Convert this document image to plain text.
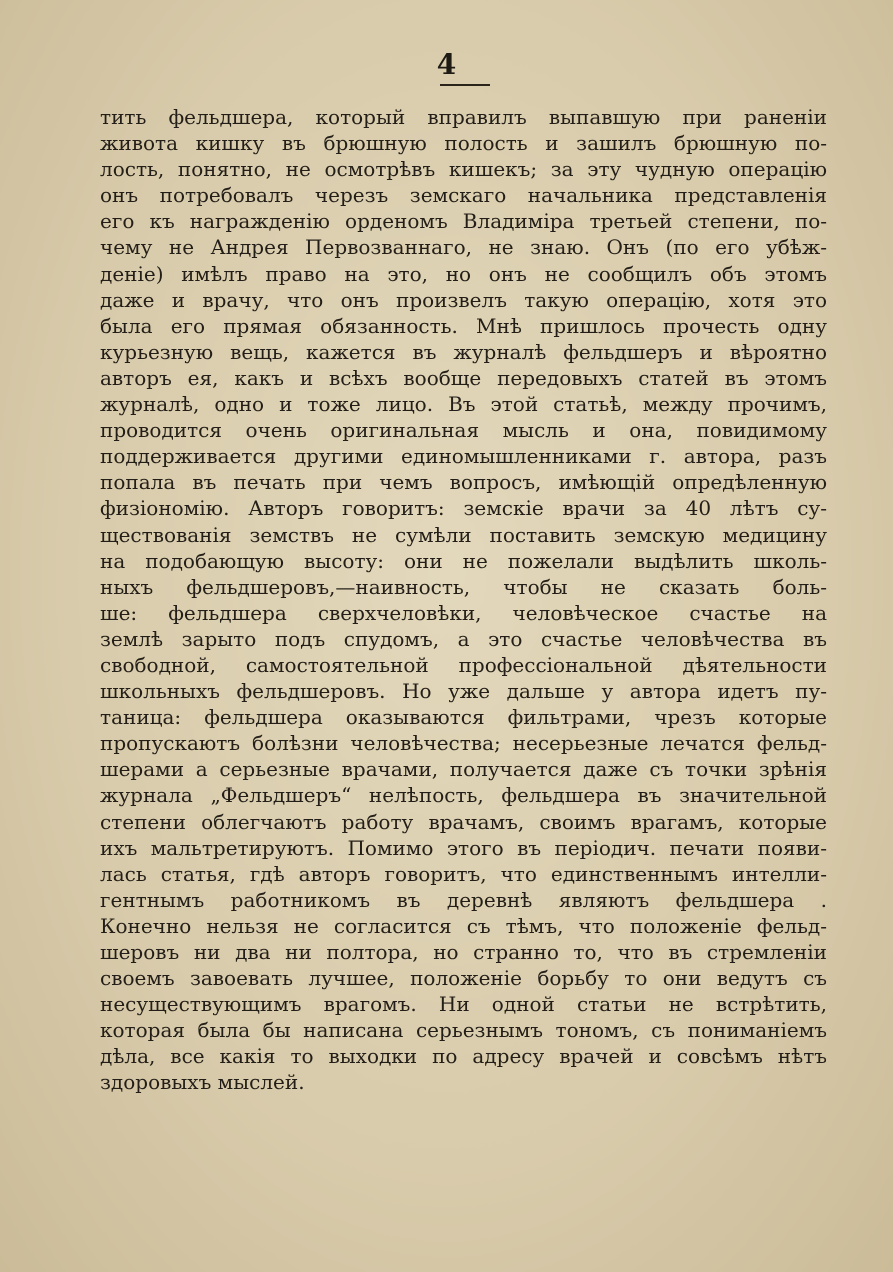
4
тить фельдшера, который вправилъ выпавшую при раненіи
живота кишку въ брюшную полость и зашилъ брюшную по-
лость, понятно, не осмотрѣвъ кишекъ; за эту чудную операцію
онъ потребовалъ черезъ земскаго начальника представленія
его къ награжденію орденомъ Владиміра третьей степени, по-
чему не Андрея Первозваннаго, не знаю. Онъ (по его убѣж-
деніе) имѣлъ право на это, но онъ не сообщилъ объ этомъ
даже и врачу, что онъ произвелъ такую операцію, хотя это
была его прямая обязанность. Мнѣ пришлось прочесть одну
курьезную вещь, кажется въ журналѣ фельдшеръ и вѣроятно
авторъ ея, какъ и всѣхъ вообще передовыхъ статей въ этомъ
журналѣ, одно и тоже лицо. Въ этой статьѣ, между прочимъ,
проводится очень оригинальная мысль и она, повидимому
поддерживается другими единомышленниками г. автора, разъ
попала въ печать при чемъ вопросъ, имѣющій опредѣленную
физіономію. Авторъ говоритъ: земскіе врачи за 40 лѣтъ су-
ществованія земствъ не сумѣли поставить земскую медицину
на подобающую высоту: они не пожелали выдѣлить школь-
ныхъ фельдшеровъ,—наивность, чтобы не сказать боль-
ше: фельдшера сверхчеловѣки, человѣческое счастье на
землѣ зарыто подъ спудомъ, а это счастье человѣчества въ
свободной, самостоятельной профессіональной дѣятельности
школьныхъ фельдшеровъ. Но уже дальше у автора идетъ пу-
таница: фельдшера оказываются фильтрами, чрезъ которые
пропускаютъ болѣзни человѣчества; несерьезные лечатся фельд-
шерами а серьезные врачами, получается даже съ точки зрѣнія
журнала „Фельдшеръ“ нелѣпость, фельдшера въ значительной
степени облегчаютъ работу врачамъ, своимъ врагамъ, которые
ихъ мальтретируютъ. Помимо этого въ періодич. печати появи-
лась статья, гдѣ авторъ говоритъ, что единственнымъ интелли-
гентнымъ работникомъ въ деревнѣ являютъ фельдшера .
Конечно нельзя не согласится съ тѣмъ, что положеніе фельд-
шеровъ ни два ни полтора, но странно то, что въ стремленіи
своемъ завоевать лучшее, положеніе борьбу то они ведутъ съ
несуществующимъ врагомъ. Ни одной статьи не встрѣтить,
которая была бы написана серьезнымъ тономъ, съ пониманіемъ
дѣла, все какія то выходки по адресу врачей и совсѣмъ нѣтъ
здоровыхъ мыслей.
